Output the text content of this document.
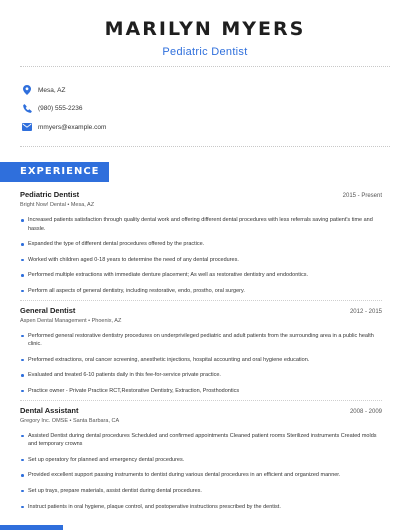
MARILYN MYERS
Pediatric Dentist
Mesa, AZ
(980) 555-2236
mmyers@example.com
EXPERIENCE
Pediatric Dentist	2015 - Present
Bright Now! Dental • Mesa, AZ
Increased patients satisfaction through quality dental work and offering different dental procedures with less referrals saving patient's time and hassle.
Expanded the type of different dental procedures offered by the practice.
Worked with children aged 0-18 years to determine the need of any dental procedures.
Performed multiple extractions with immediate denture placement; As well as restorative dentistry and endodontics.
Perform all aspects of general dentistry, including restorative, endo, prostho, oral surgery.
General Dentist	2012 - 2015
Aspen Dental Management • Phoenix, AZ
Performed general restorative dentistry procedures on underprivileged pediatric and adult patients from the surrounding area in a public health clinic.
Preformed extractions, oral cancer screening, anesthetic injections, hospital accounting and oral hygiene education.
Evaluated and treated 6-10 patients daily in this fee-for-service private practice.
Practice owner - Private Practice RCT,Restorative Dentistry, Extraction, Prosthodontics
Dental Assistant	2008 - 2009
Gregory Inc. OMSE • Santa Barbara, CA
Assisted Dentist during dental procedures Scheduled and confirmed appointments Cleaned patient rooms Sterilized instruments Created molds and temporary crowns
Set up operatory for planned and emergency dental procedures.
Provided excellent support passing instruments to dentist during various dental procedures in an efficient and organized manner.
Set up trays, prepare materials, assist dentist during dental procedures.
Instruct patients in oral hygiene, plaque control, and postoperative instructions prescribed by the dentist.
